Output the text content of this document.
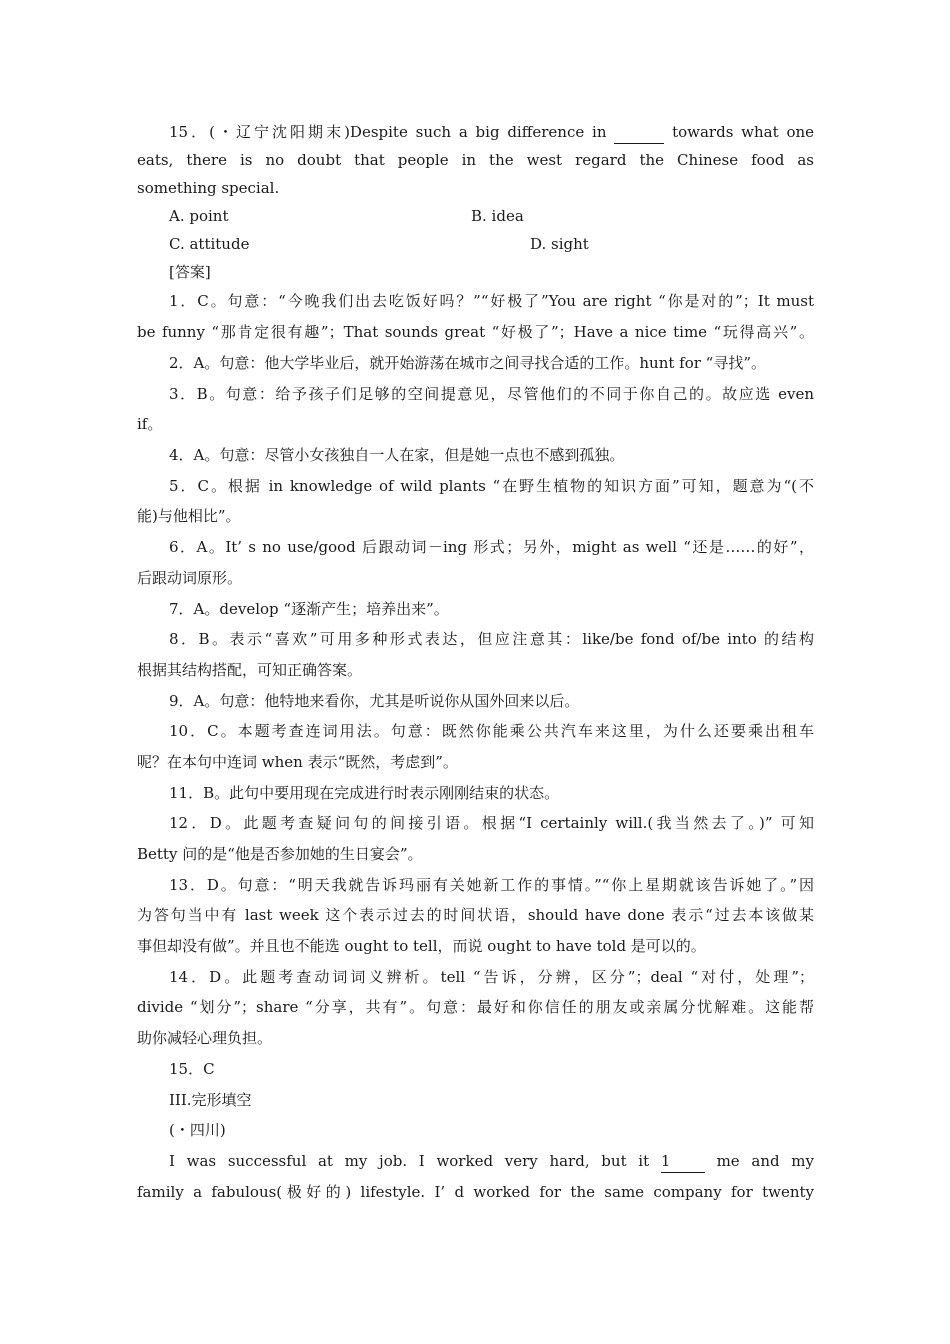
15．(・辽宁沈阳期末)Despite such a big difference in	towards what one
eats, there is no doubt that people in the west regard the Chinese food as
something special.
A. point	B. idea
C. attitude	D. sight
[答案]
1．C。句意：“今晚我们出去吃饭好吗？”“好极了”You are right “你是对的”；It must
be funny “那肯定很有趣”；That sounds great “好极了”；Have a nice time “玩得高兴”。
2．A。句意：他大学毕业后，就开始游荡在城市之间寻找合适的工作。hunt for “寻找”。
3．B。句意：给予孩子们足够的空间提意见，尽管他们的不同于你自己的。故应选 even
if。
4．A。句意：尽管小女孩独自一人在家，但是她一点也不感到孤独。
5．C。根据 in knowledge of wild plants “在野生植物的知识方面”可知，题意为“(不
能)与他相比”。
6．A。It’ s no use/good 后跟动词－ing 形式；另外，might as well “还是……的好”，
后跟动词原形。
7．A。develop “逐渐产生；培养出来”。
8．B。表示“喜欢”可用多种形式表达，但应注意其：like/be fond of/be into 的结构
根据其结构搭配，可知正确答案。
9．A。句意：他特地来看你，尤其是听说你从国外回来以后。
10．C。本题考查连词用法。句意：既然你能乘公共汽车来这里，为什么还要乘出租车
呢？在本句中连词 when 表示“既然，考虑到”。
11．B。此句中要用现在完成进行时表示刚刚结束的状态。
12．D。此题考查疑问句的间接引语。根据“I certainly will.(我当然去了。)” 可知
Betty 问的是“他是否参加她的生日宴会”。
13．D。句意：“明天我就告诉玛丽有关她新工作的事情。”“你上星期就该告诉她了。”因
为答句当中有 last week 这个表示过去的时间状语，should have done 表示“过去本该做某
事但却没有做”。并且也不能选 ought to tell，而说 ought to have told 是可以的。
14．D。此题考查动词词义辨析。tell “告诉，分辨，区分”；deal “对付，处理”；
divide “划分”；share “分享，共有”。句意：最好和你信任的朋友或亲属分忧解难。这能帮
助你减轻心理负担。
15．C
III.完形填空
(・四川)
I was successful at my job. I worked very hard, but it 1	me and my
family a fabulous(极好的) lifestyle. I’ d worked for the same company for twenty
